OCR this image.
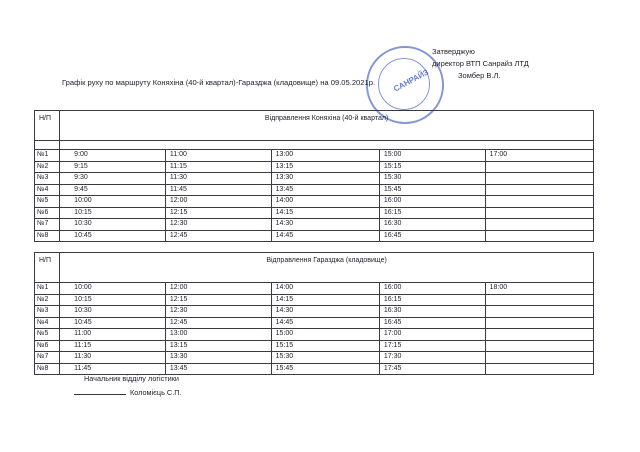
САНРАЙЗ
Затверджую
директор ВТП Санрайз ЛТД
Зомбер В.Л.
Графік руху по маршруту Коняхіна (40-й квартал)-Гаразджа (кладовище) на 09.05.2021р.
Н/П	Відправлення Коняхіна (40-й квартал)				

№1	9:00	11:00	13:00	15:00	17:00
№2	9:15	11:15	13:15	15:15	
№3	9:30	11:30	13:30	15:30	
№4	9:45	11:45	13:45	15:45	
№5	10:00	12:00	14:00	16:00	
№6	10:15	12:15	14:15	16:15	
№7	10:30	12:30	14:30	16:30	
№8	10:45	12:45	14:45	16:45	
Н/П	Відправлення Гаразджа (кладовище)				
№1	10:00	12:00	14:00	16:00	18:00
№2	10:15	12:15	14:15	16:15	
№3	10:30	12:30	14:30	16:30	
№4	10:45	12:45	14:45	16:45	
№5	11:00	13:00	15:00	17:00	
№6	11:15	13:15	15:15	17:15	
№7	11:30	13:30	15:30	17:30	
№8	11:45	13:45	15:45	17:45	
Начальник відділу логістики
Коломієць С.П.
